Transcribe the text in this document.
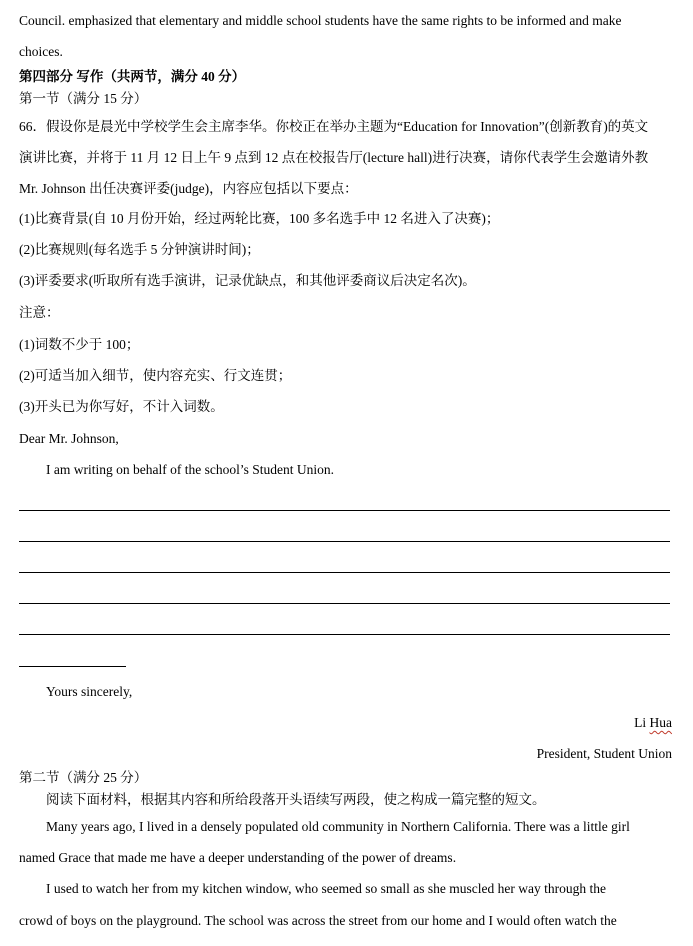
Council. emphasized that elementary and middle school students have the same rights to be informed and make
choices.
第四部分 写作（共两节，满分 40 分）
第一节（满分 15 分）
66．假设你是晨光中学校学生会主席李华。你校正在举办主题为“Education for Innovation”(创新教育)的英文
演讲比赛，并将于 11 月 12 日上午 9 点到 12 点在校报告厅(lecture hall)进行决赛，请你代表学生会邀请外教
Mr. Johnson 出任决赛评委(judge)，内容应包括以下要点：
(1)比赛背景(自 10 月份开始，经过两轮比赛，100 多名选手中 12 名进入了决赛)；
(2)比赛规则(每名选手 5 分钟演讲时间)；
(3)评委要求(听取所有选手演讲，记录优缺点，和其他评委商议后决定名次)。
注意：
(1)词数不少于 100；
(2)可适当加入细节，使内容充实、行文连贯；
(3)开头已为你写好，不计入词数。
Dear Mr. Johnson,
I am writing on behalf of the school’s Student Union.
Yours sincerely,
Li Hua
President, Student Union
第二节（满分 25 分）
阅读下面材料，根据其内容和所给段落开头语续写两段，使之构成一篇完整的短文。
Many years ago, I lived in a densely populated old community in Northern California. There was a little girl
named Grace that made me have a deeper understanding of the power of dreams.
I used to watch her from my kitchen window, who seemed so small as she muscled her way through the
crowd of boys on the playground. The school was across the street from our home and I would often watch the
